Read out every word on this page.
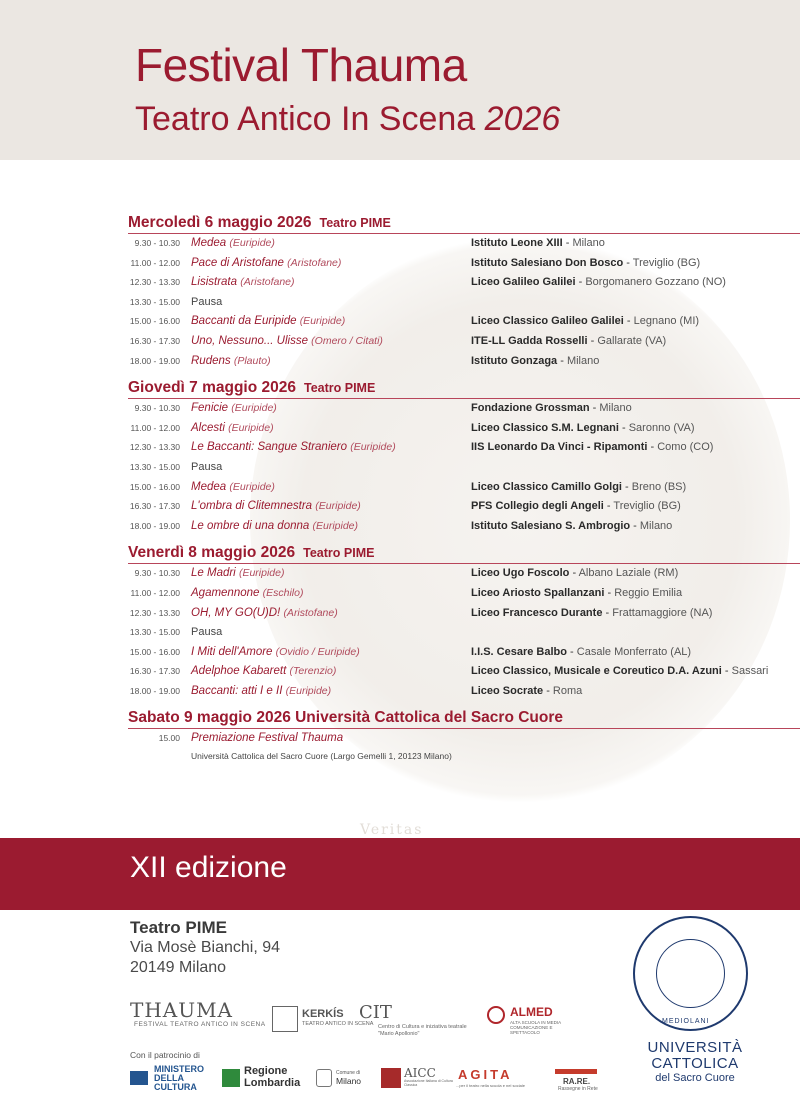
Festival Thauma
Teatro Antico In Scena 2026
Veritas
Mercoledì 6 maggio 2026 Teatro PIME
9.30 - 10.30 Medea (Euripide)	Istituto Leone XIII - Milano
11.00 - 12.00 Pace di Aristofane (Aristofane)	Istituto Salesiano Don Bosco - Treviglio (BG)
12.30 - 13.30 Lisistrata (Aristofane)	Liceo Galileo Galilei - Borgomanero Gozzano (NO)
13.30 - 15.00 Pausa
15.00 - 16.00 Baccanti da Euripide (Euripide)	Liceo Classico Galileo Galilei - Legnano (MI)
16.30 - 17.30 Uno, Nessuno... Ulisse (Omero / Citati)	ITE-LL Gadda Rosselli - Gallarate (VA)
18.00 - 19.00 Rudens (Plauto)	Istituto Gonzaga - Milano
Giovedì 7 maggio 2026 Teatro PIME
9.30 - 10.30 Fenicie (Euripide)	Fondazione Grossman - Milano
11.00 - 12.00 Alcesti (Euripide)	Liceo Classico S.M. Legnani - Saronno (VA)
12.30 - 13.30 Le Baccanti: Sangue Straniero (Euripide)	IIS Leonardo Da Vinci - Ripamonti - Como (CO)
13.30 - 15.00 Pausa
15.00 - 16.00 Medea (Euripide)	Liceo Classico Camillo Golgi - Breno (BS)
16.30 - 17.30 L'ombra di Clitemnestra (Euripide)	PFS Collegio degli Angeli - Treviglio (BG)
18.00 - 19.00 Le ombre di una donna (Euripide)	Istituto Salesiano S. Ambrogio - Milano
Venerdì 8 maggio 2026 Teatro PIME
9.30 - 10.30 Le Madri (Euripide)	Liceo Ugo Foscolo - Albano Laziale (RM)
11.00 - 12.00 Agamennone (Eschilo)	Liceo Ariosto Spallanzani - Reggio Emilia
12.30 - 13.30 OH, MY GO(U)D! (Aristofane)	Liceo Francesco Durante - Frattamaggiore (NA)
13.30 - 15.00 Pausa
15.00 - 16.00 I Miti dell'Amore (Ovidio / Euripide)	I.I.S. Cesare Balbo - Casale Monferrato (AL)
16.30 - 17.30 Adelphoe Kabarett (Terenzio)	Liceo Classico, Musicale e Coreutico D.A. Azuni - Sassari
18.00 - 19.00 Baccanti: atti I e II (Euripide)	Liceo Socrate - Roma
Sabato 9 maggio 2026 Università Cattolica del Sacro Cuore
15.00 Premiazione Festival Thauma
Università Cattolica del Sacro Cuore (Largo Gemelli 1, 20123 Milano)
XII edizione
Teatro PIME
Via Mosè Bianchi, 94
20149 Milano
THAUMA
FESTIVAL TEATRO ANTICO IN SCENA
KERKÍS
TEATRO ANTICO IN SCENA
CIT
Centro di Cultura e iniziativa teatrale "Mario Apollonio"
ALMED
ALTA SCUOLA IN MEDIA COMUNICAZIONE E SPETTACOLO
Con il patrocinio di
MINISTERO DELLA CULTURA
Regione Lombardia
Comune di
Milano
AICC
Associazione Italiana di Cultura Classica
AGITA
...per il teatro nella scuola e nel sociale	RA.RE.
Rassegne in Rete
MEDIOLANI
UNIVERSITÀ
CATTOLICA
del Sacro Cuore
